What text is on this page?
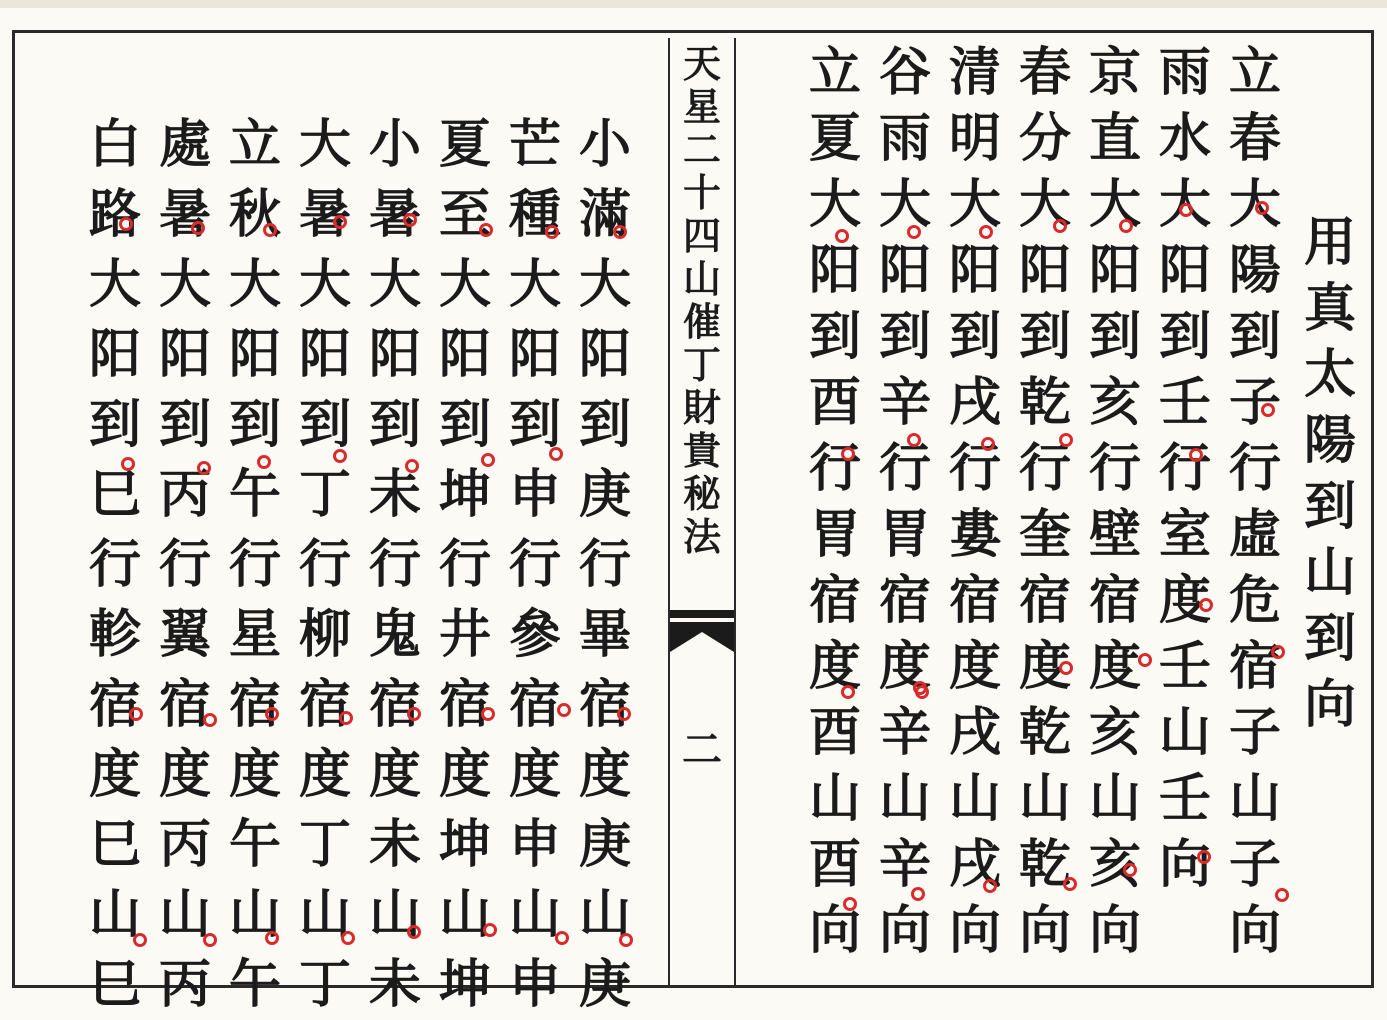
用
真
太
陽
到
山
到
向
立
春
大
陽
到
子
行
虛
危
宿
子
山
子
向
雨
水
大
阳
到
壬
行
室
度
壬
山
壬
向
京
直
大
阳
到
亥
行
壁
宿
度
亥
山
亥
向
春
分
大
阳
到
乾
行
奎
宿
度
乾
山
乾
向
清
明
大
阳
到
戌
行
婁
宿
度
戌
山
戌
向
谷
雨
大
阳
到
辛
行
胃
宿
度
辛
山
辛
向
立
夏
大
阳
到
酉
行
胃
宿
度
酉
山
酉
向
天
星
二
十
四
山
催
丁
財
貴
秘
法
二
小
滿
大
阳
到
庚
行
畢
宿
度
庚
山
庚
芒
種
大
阳
到
申
行
參
宿
度
申
山
申
夏
至
大
阳
到
坤
行
井
宿
度
坤
山
坤
小
暑
大
阳
到
未
行
鬼
宿
度
未
山
未
大
暑
大
阳
到
丁
行
柳
宿
度
丁
山
丁
立
秋
大
阳
到
午
行
星
宿
度
午
山
午
處
暑
大
阳
到
丙
行
翼
宿
度
丙
山
丙
白
路
大
阳
到
巳
行
軫
宿
度
巳
山
巳
